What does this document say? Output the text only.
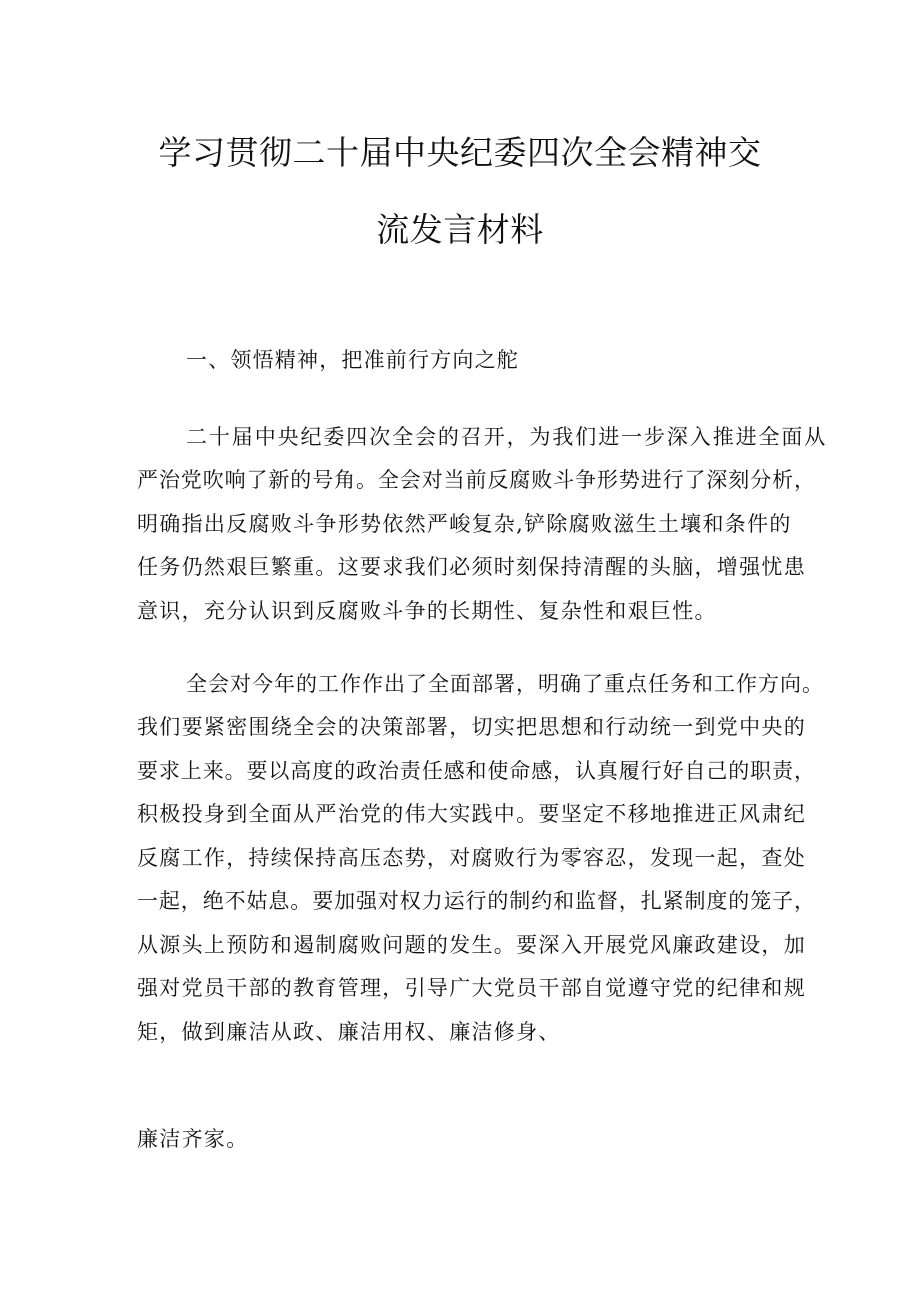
学习贯彻二十届中央纪委四次全会精神交
流发言材料
一、领悟精神，把准前行方向之舵
二十届中央纪委四次全会的召开，为我们进一步深入推进全面从
严治党吹响了新的号角。全会对当前反腐败斗争形势进行了深刻分析，
明确指出反腐败斗争形势依然严峻复杂,铲除腐败滋生土壤和条件的
任务仍然艰巨繁重。这要求我们必须时刻保持清醒的头脑，增强忧患
意识，充分认识到反腐败斗争的长期性、复杂性和艰巨性。
全会对今年的工作作出了全面部署，明确了重点任务和工作方向。
我们要紧密围绕全会的决策部署，切实把思想和行动统一到党中央的
要求上来。要以高度的政治责任感和使命感，认真履行好自己的职责，
积极投身到全面从严治党的伟大实践中。要坚定不移地推进正风肃纪
反腐工作，持续保持高压态势，对腐败行为零容忍，发现一起，查处
一起，绝不姑息。要加强对权力运行的制约和监督，扎紧制度的笼子，
从源头上预防和遏制腐败问题的发生。要深入开展党风廉政建设，加
强对党员干部的教育管理，引导广大党员干部自觉遵守党的纪律和规
矩，做到廉洁从政、廉洁用权、廉洁修身、
廉洁齐家。
